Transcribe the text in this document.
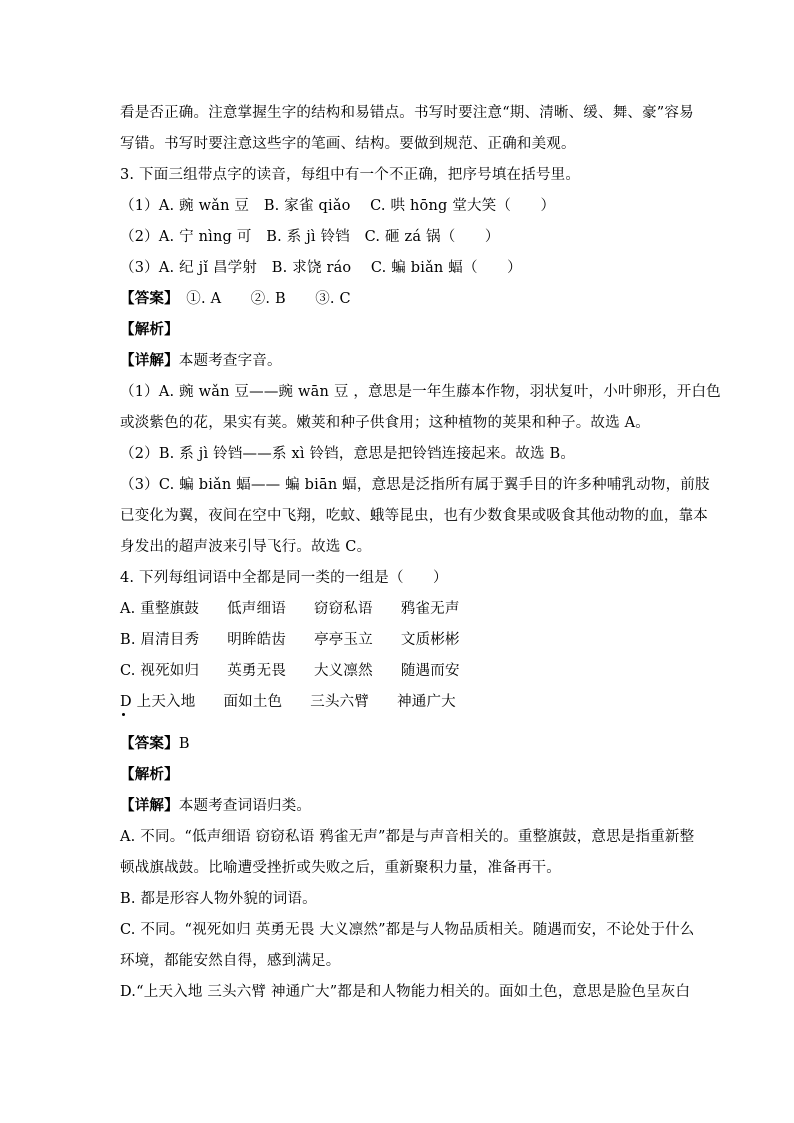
看是否正确。注意掌握生字的结构和易错点。书写时要注意“期、清晰、缓、舞、豪”容易
写错。书写时要注意这些字的笔画、结构。要做到规范、正确和美观。
3. 下面三组带点字的读音，每组中有一个不正确，把序号填在括号里。
（1）A. 豌 wǎn 豆　B. 家雀 qiǎo　 C. 哄 hōng 堂大笑（　　）
（2）A. 宁 nìng 可　B. 系 jì 铃铛　C. 砸 zá 锅（　　）
（3）A. 纪 jǐ 昌学射　B. 求饶 ráo　 C. 蝙 biǎn 蝠（　　）
【答案】　①. A　　②. B　　③. C
【解析】
【详解】本题考查字音。
（1）A. 豌 wǎn 豆——豌 wān 豆 ，意思是一年生藤本作物，羽状复叶，小叶卵形，开白色
或淡紫色的花，果实有荚。嫩荚和种子供食用；这种植物的荚果和种子。故选 A。
（2）B. 系 jì 铃铛——系 xì 铃铛，意思是把铃铛连接起来。故选 B。
（3）C. 蝙 biǎn 蝠—— 蝙 biān 蝠，意思是泛指所有属于翼手目的许多种哺乳动物，前肢
已变化为翼，夜间在空中飞翔，吃蚊、蛾等昆虫，也有少数食果或吸食其他动物的血，靠本
身发出的超声波来引导飞行。故选 C。
4. 下列每组词语中全都是同一类的一组是（　　）
A. 重整旗鼓 低声细语 窃窃私语 鸦雀无声
B. 眉清目秀 明眸皓齿 亭亭玉立 文质彬彬
C. 视死如归 英勇无畏 大义凛然 随遇而安
D 上天入地 面如土色 三头六臂 神通广大
【答案】B
【解析】
【详解】本题考查词语归类。
A. 不同。“低声细语 窃窃私语 鸦雀无声”都是与声音相关的。重整旗鼓，意思是指重新整
顿战旗战鼓。比喻遭受挫折或失败之后，重新聚积力量，准备再干。
B. 都是形容人物外貌的词语。
C. 不同。“视死如归 英勇无畏 大义凛然”都是与人物品质相关。随遇而安，不论处于什么
环境，都能安然自得，感到满足。
D.“上天入地 三头六臂 神通广大”都是和人物能力相关的。面如土色，意思是脸色呈灰白
